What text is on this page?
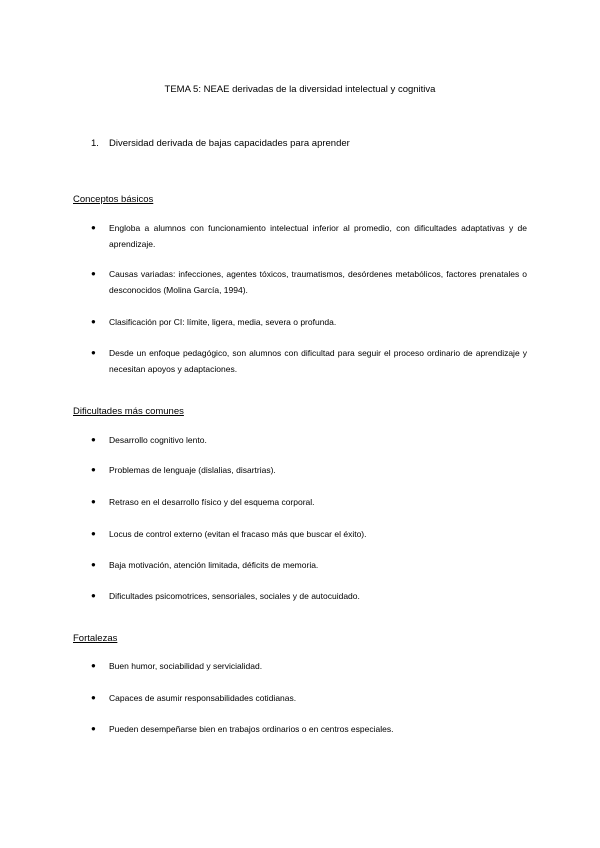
TEMA 5: NEAE derivadas de la diversidad intelectual y cognitiva
1. Diversidad derivada de bajas capacidades para aprender
Conceptos básicos
● Engloba a alumnos con funcionamiento intelectual inferior al promedio, con dificultades adaptativas y de aprendizaje.
● Causas variadas: infecciones, agentes tóxicos, traumatismos, desórdenes metabólicos, factores prenatales o desconocidos (Molina García, 1994).
● Clasificación por CI: límite, ligera, media, severa o profunda.
● Desde un enfoque pedagógico, son alumnos con dificultad para seguir el proceso ordinario de aprendizaje y necesitan apoyos y adaptaciones.
Dificultades más comunes
● Desarrollo cognitivo lento.
● Problemas de lenguaje (dislalias, disartrias).
● Retraso en el desarrollo físico y del esquema corporal.
● Locus de control externo (evitan el fracaso más que buscar el éxito).
● Baja motivación, atención limitada, déficits de memoria.
● Dificultades psicomotrices, sensoriales, sociales y de autocuidado.
Fortalezas
● Buen humor, sociabilidad y servicialidad.
● Capaces de asumir responsabilidades cotidianas.
● Pueden desempeñarse bien en trabajos ordinarios o en centros especiales.
